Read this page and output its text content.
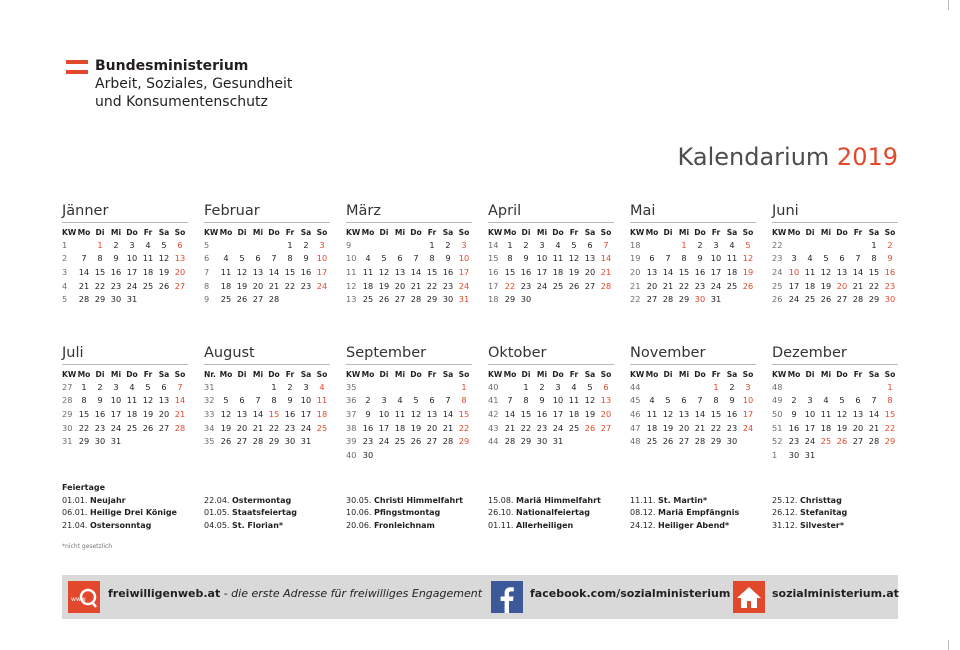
Bundesministerium
Arbeit, Soziales, Gesundheit
und Konsumentenschutz
Kalendarium 2019
Jänner
KW	Mo	Di	Mi	Do	Fr	Sa	So
1		1	2	3	4	5	6
2	7	8	9	10	11	12	13
3	14	15	16	17	18	19	20
4	21	22	23	24	25	26	27
5	28	29	30	31			
Februar
KW	Mo	Di	Mi	Do	Fr	Sa	So
5					1	2	3
6	4	5	6	7	8	9	10
7	11	12	13	14	15	16	17
8	18	19	20	21	22	23	24
9	25	26	27	28			
März
KW	Mo	Di	Mi	Do	Fr	Sa	So
9					1	2	3
10	4	5	6	7	8	9	10
11	11	12	13	14	15	16	17
12	18	19	20	21	22	23	24
13	25	26	27	28	29	30	31
April
KW	Mo	Di	Mi	Do	Fr	Sa	So
14	1	2	3	4	5	6	7
15	8	9	10	11	12	13	14
16	15	16	17	18	19	20	21
17	22	23	24	25	26	27	28
18	29	30					
Mai
KW	Mo	Di	Mi	Do	Fr	Sa	So
18			1	2	3	4	5
19	6	7	8	9	10	11	12
20	13	14	15	16	17	18	19
21	20	21	22	23	24	25	26
22	27	28	29	30	31		
Juni
KW	Mo	Di	Mi	Do	Fr	Sa	So
22						1	2
23	3	4	5	6	7	8	9
24	10	11	12	13	14	15	16
25	17	18	19	20	21	22	23
26	24	25	26	27	28	29	30
Juli
KW	Mo	Di	Mi	Do	Fr	Sa	So
27	1	2	3	4	5	6	7
28	8	9	10	11	12	13	14
29	15	16	17	18	19	20	21
30	22	23	24	25	26	27	28
31	29	30	31				
August
Nr.	Mo	Di	Mi	Do	Fr	Sa	So
31				1	2	3	4
32	5	6	7	8	9	10	11
33	12	13	14	15	16	17	18
34	19	20	21	22	23	24	25
35	26	27	28	29	30	31	
September
KW	Mo	Di	Mi	Do	Fr	Sa	So
35							1
36	2	3	4	5	6	7	8
37	9	10	11	12	13	14	15
38	16	17	18	19	20	21	22
39	23	24	25	26	27	28	29
40	30						
Oktober
KW	Mo	Di	Mi	Do	Fr	Sa	So
40		1	2	3	4	5	6
41	7	8	9	10	11	12	13
42	14	15	16	17	18	19	20
43	21	22	23	24	25	26	27
44	28	29	30	31			
November
KW	Mo	Di	Mi	Do	Fr	Sa	So
44					1	2	3
45	4	5	6	7	8	9	10
46	11	12	13	14	15	16	17
47	18	19	20	21	22	23	24
48	25	26	27	28	29	30	
Dezember
KW	Mo	Di	Mi	Do	Fr	Sa	So
48							1
49	2	3	4	5	6	7	8
50	9	10	11	12	13	14	15
51	16	17	18	19	20	21	22
52	23	24	25	26	27	28	29
1	30	31					
Feiertage
01.01. Neujahr
06.01. Heilige Drei Könige
21.04. Ostersonntag
22.04. Ostermontag
01.05. Staatsfeiertag
04.05. St. Florian*
30.05. Christi Himmelfahrt
10.06. Pfingstmontag
20.06. Fronleichnam
15.08. Mariä Himmelfahrt
26.10. Nationalfeiertag
01.11. Allerheiligen
11.11. St. Martin*
08.12. Mariä Empfängnis
24.12. Heiliger Abend*
25.12. Christtag
26.12. Stefanitag
31.12. Silvester*
*nicht gesetzlich
www freiwilligenweb.at - die erste Adresse für freiwilliges Engagement	facebook.com/sozialministerium	sozialministerium.at
